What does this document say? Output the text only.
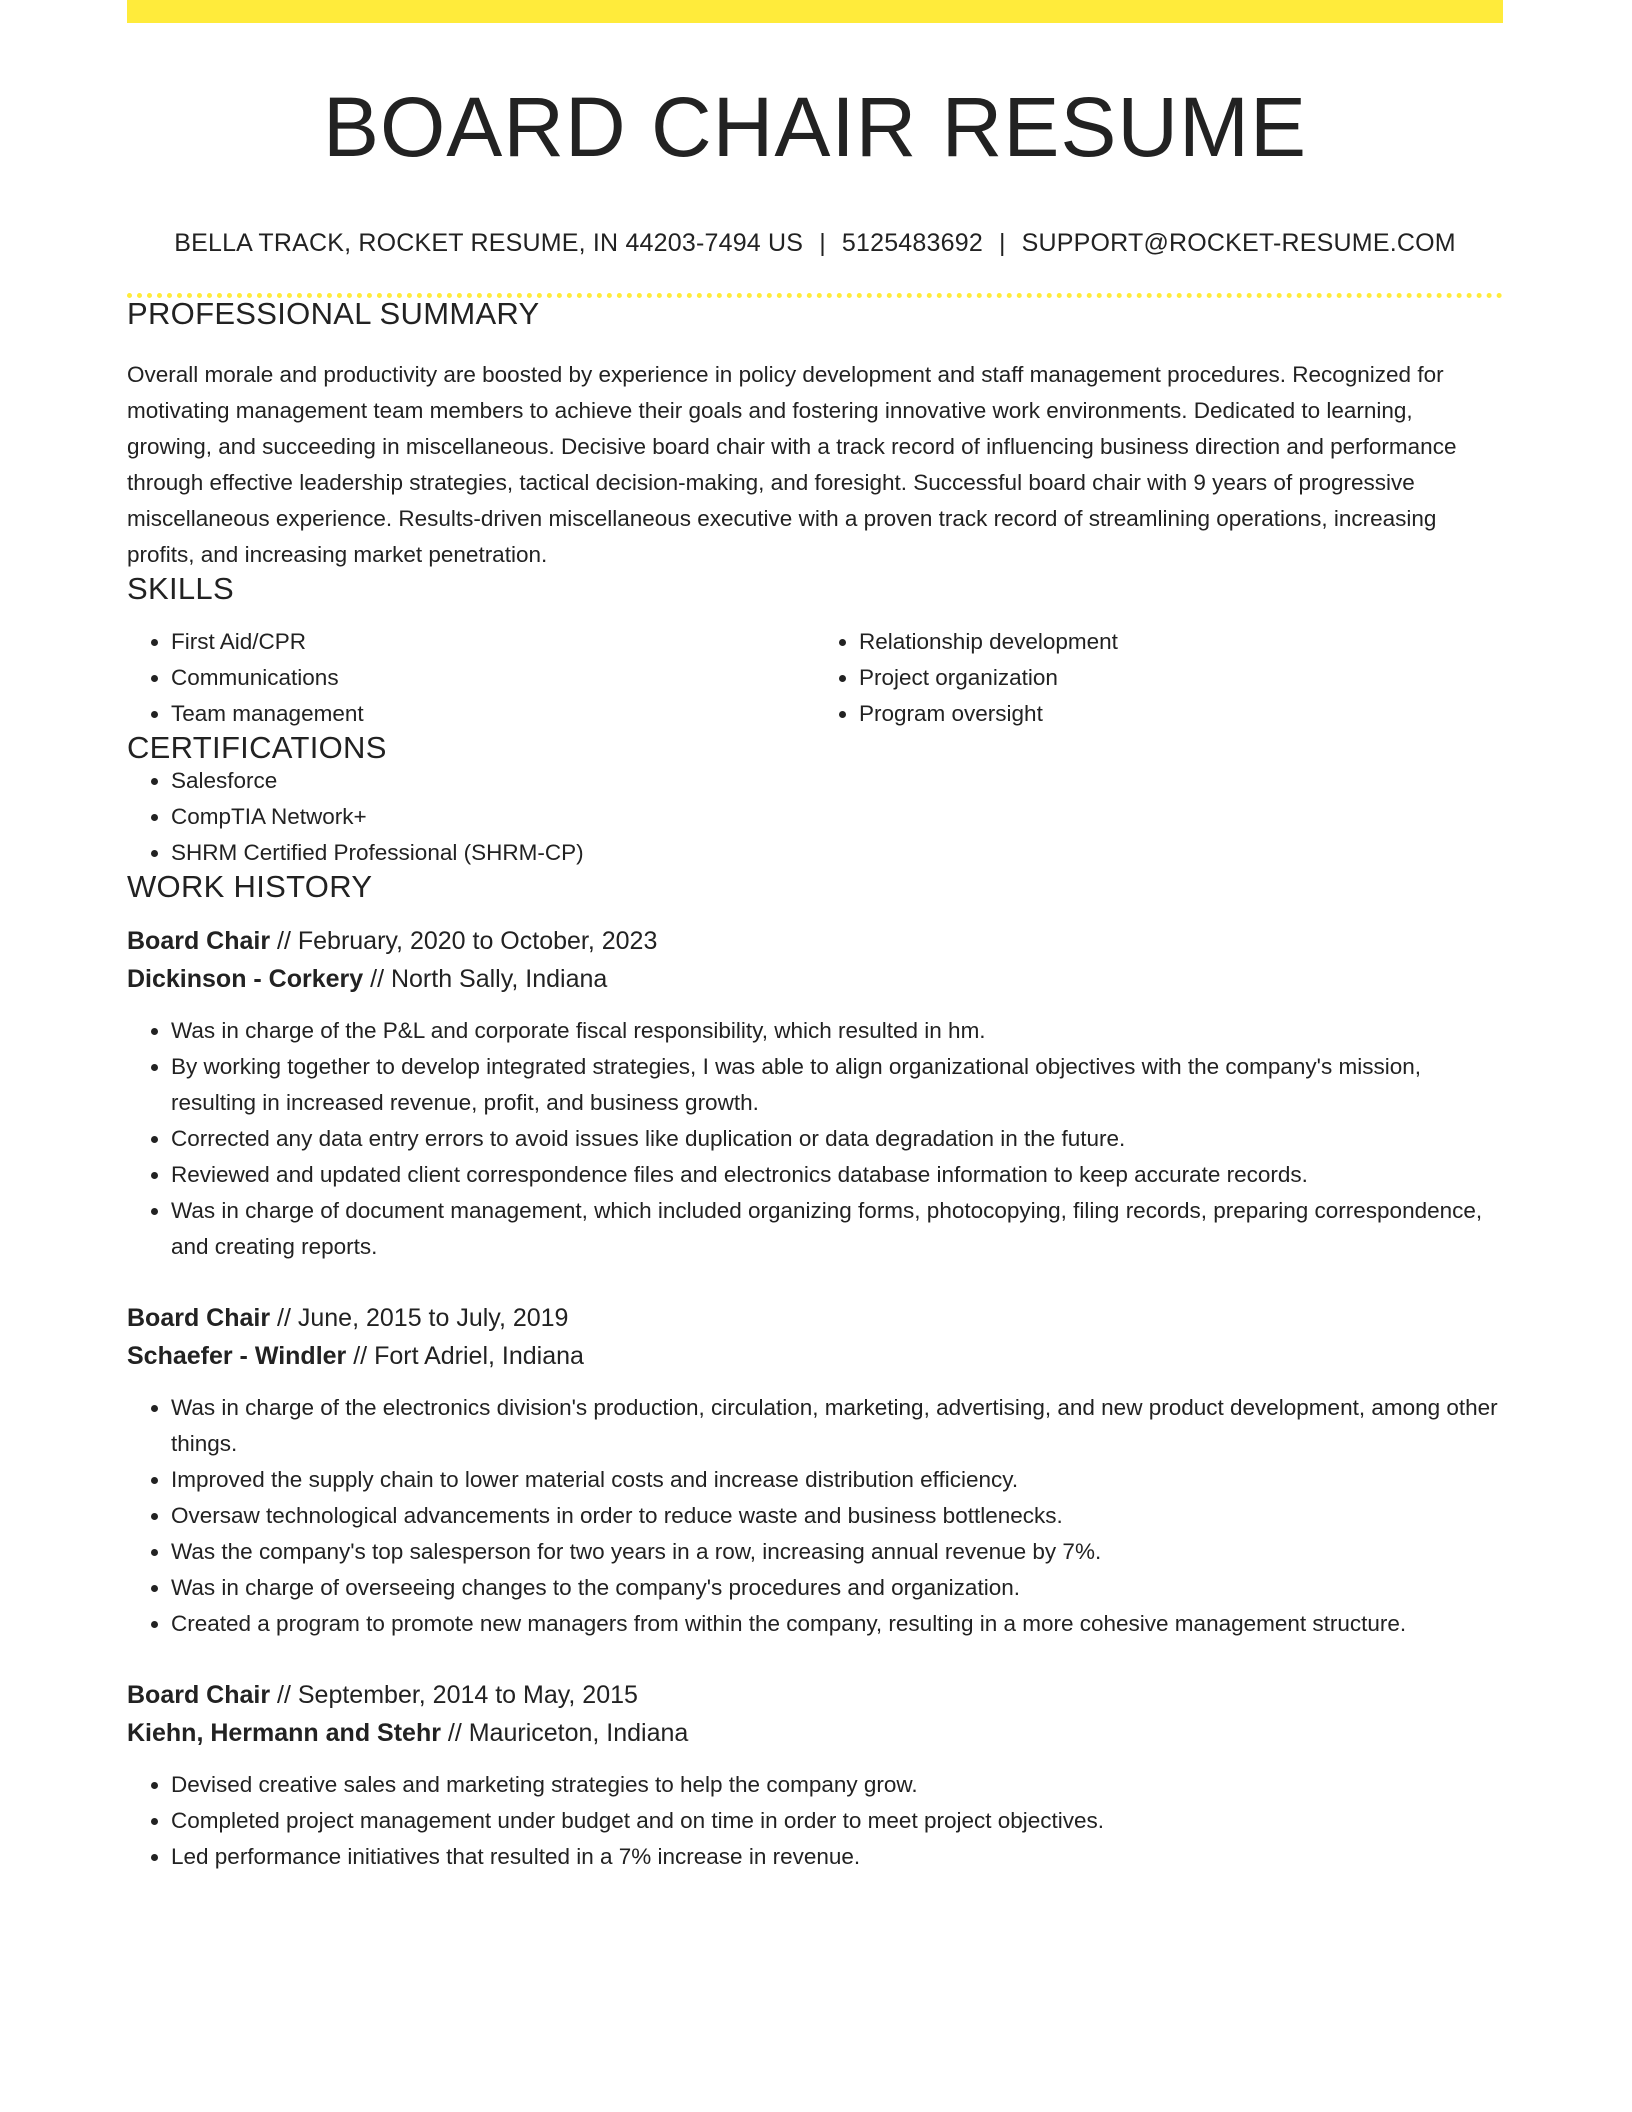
BOARD CHAIR RESUME
BELLA TRACK, ROCKET RESUME, IN 44203-7494 US | 5125483692 | SUPPORT@ROCKET-RESUME.COM
PROFESSIONAL SUMMARY

Overall morale and productivity are boosted by experience in policy development and staff management procedures. Recognized for motivating management team members to achieve their goals and fostering innovative work environments. Dedicated to learning, growing, and succeeding in miscellaneous. Decisive board chair with a track record of influencing business direction and performance through effective leadership strategies, tactical decision-making, and foresight. Successful board chair with 9 years of progressive miscellaneous experience. Results-driven miscellaneous executive with a proven track record of streamlining operations, increasing profits, and increasing market penetration.

SKILLS
• First Aid/CPR
• Communications
• Team management
• Relationship development
• Project organization
• Program oversight
CERTIFICATIONS
• Salesforce
• CompTIA Network+
• SHRM Certified Professional (SHRM-CP)
WORK HISTORY
Board Chair // February, 2020 to October, 2023
Dickinson - Corkery // North Sally, Indiana
• Was in charge of the P&L and corporate fiscal responsibility, which resulted in hm.
• By working together to develop integrated strategies, I was able to align organizational objectives with the company's mission, resulting in increased revenue, profit, and business growth.
• Corrected any data entry errors to avoid issues like duplication or data degradation in the future.
• Reviewed and updated client correspondence files and electronics database information to keep accurate records.
• Was in charge of document management, which included organizing forms, photocopying, filing records, preparing correspondence, and creating reports.
Board Chair // June, 2015 to July, 2019
Schaefer - Windler // Fort Adriel, Indiana
• Was in charge of the electronics division's production, circulation, marketing, advertising, and new product development, among other things.
• Improved the supply chain to lower material costs and increase distribution efficiency.
• Oversaw technological advancements in order to reduce waste and business bottlenecks.
• Was the company's top salesperson for two years in a row, increasing annual revenue by 7%.
• Was in charge of overseeing changes to the company's procedures and organization.
• Created a program to promote new managers from within the company, resulting in a more cohesive management structure.
Board Chair // September, 2014 to May, 2015
Kiehn, Hermann and Stehr // Mauriceton, Indiana
• Devised creative sales and marketing strategies to help the company grow.
• Completed project management under budget and on time in order to meet project objectives.
• Led performance initiatives that resulted in a 7% increase in revenue.
